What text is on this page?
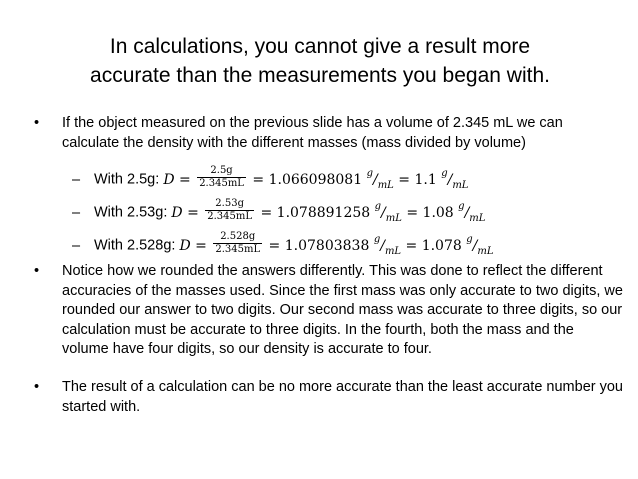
In calculations, you cannot give a result more
accurate than the measurements you began with.
• If the object measured on the previous slide has a volume of 2.345 mL we can calculate the density with the different masses (mass divided by volume)
– With 2.5g: $D = \frac{2.5g}{2.345mL} = 1.066098081$ $^g/_{mL} = 1.1$ $^g/_{mL}$
– With 2.53g: $D = \frac{2.53g}{2.345mL} = 1.078891258$ $^g/_{mL} = 1.08$ $^g/_{mL}$
– With 2.528g: $D = \frac{2.528g}{2.345mL} = 1.07803838$ $^g/_{mL} = 1.078$ $^g/_{mL}$
• Notice how we rounded the answers differently. This was done to reflect the different accuracies of the masses used. Since the first mass was only accurate to two digits, we rounded our answer to two digits. Our second mass was accurate to three digits, so our calculation must be accurate to three digits. In the fourth, both the mass and the volume have four digits, so our density is accurate to four.
• The result of a calculation can be no more accurate than the least accurate number you started with.
